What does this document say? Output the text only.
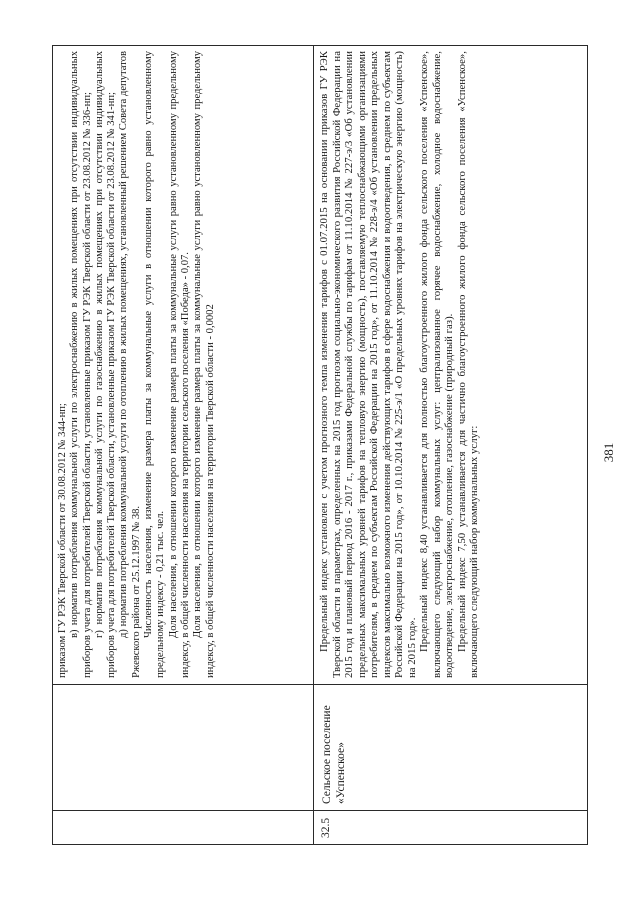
приказом ГУ РЭК Тверской области от 30.08.2012 № 344-нп; в) норматив потребления коммунальной услуги по электроснабжению в жилых помещениях при отсутствии индивидуальных приборов учета для потребителей Тверской области, установленные приказом ГУ РЭК Тверской области от 23.08.2012 № 336-нп; г) норматив потребления коммунальной услуги по газоснабжению в жилых помещениях при отсутствии индивидуальных приборов учета для потребителей Тверской области, установленные приказом ГУ РЭК Тверской области от 23.08.2012 № 341-нп; д) норматив потребления коммунальной услуги по отоплению в жилых помещениях, установленный решением Совета депутатов Ржевского района от 25.12.1997 № 38. Численность населения, изменение размера платы за коммунальные услуги в отношении которого равно установленному предельному индексу - 0,21 тыс. чел. Доля населения, в отношении которого изменение размера платы за коммунальные услуги равно установленному предельному индексу, в общей численности населения на территории сельского поселения «Победа» - 0,07. Доля населения, в отношении которого изменение размера платы за коммунальные услуги равно установленному предельному индексу, в общей численности населения на территории Тверской области - 0,0002

32.5
Сельское поселение «Успенское»

Предельный индекс установлен с учетом прогнозного темпа изменения тарифов с 01.07.2015 на основании приказов ГУ РЭК Тверской области в параметрах, определенных на 2015 год прогнозом социально-экономического развития Российской Федерации на 2015 год и плановый период 2016 - 2017 г., приказами Федеральной службы по тарифам от 11.10.2014 № 227-э/3 «Об установлении предельных максимальных уровней тарифов на тепловую энергию (мощность), поставляемую теплоснабжающими организациями потребителям, в среднем по субъектам Российской Федерации на 2015 год», от 11.10.2014 № 228-э/4 «Об установлении предельных индексов максимально возможного изменения действующих тарифов в сфере водоснабжения и водоотведения, в среднем по субъектам Российской Федерации на 2015 год», от 10.10.2014 № 225-э/1 «О предельных уровнях тарифов на электрическую энергию (мощность) на 2015 год». Предельный индекс 8,40 устанавливается для полностью благоустроенного жилого фонда сельского поселения «Успенское», включающего следующий набор коммунальных услуг: централизованное горячее водоснабжение, холодное водоснабжение, водоотведение, электроснабжение, отопление, газоснабжение (природный газ). Предельный индекс 7,50 устанавливается для частично благоустроенного жилого фонда сельского поселения «Успенское», включающего следующий набор коммунальных услуг:	381
